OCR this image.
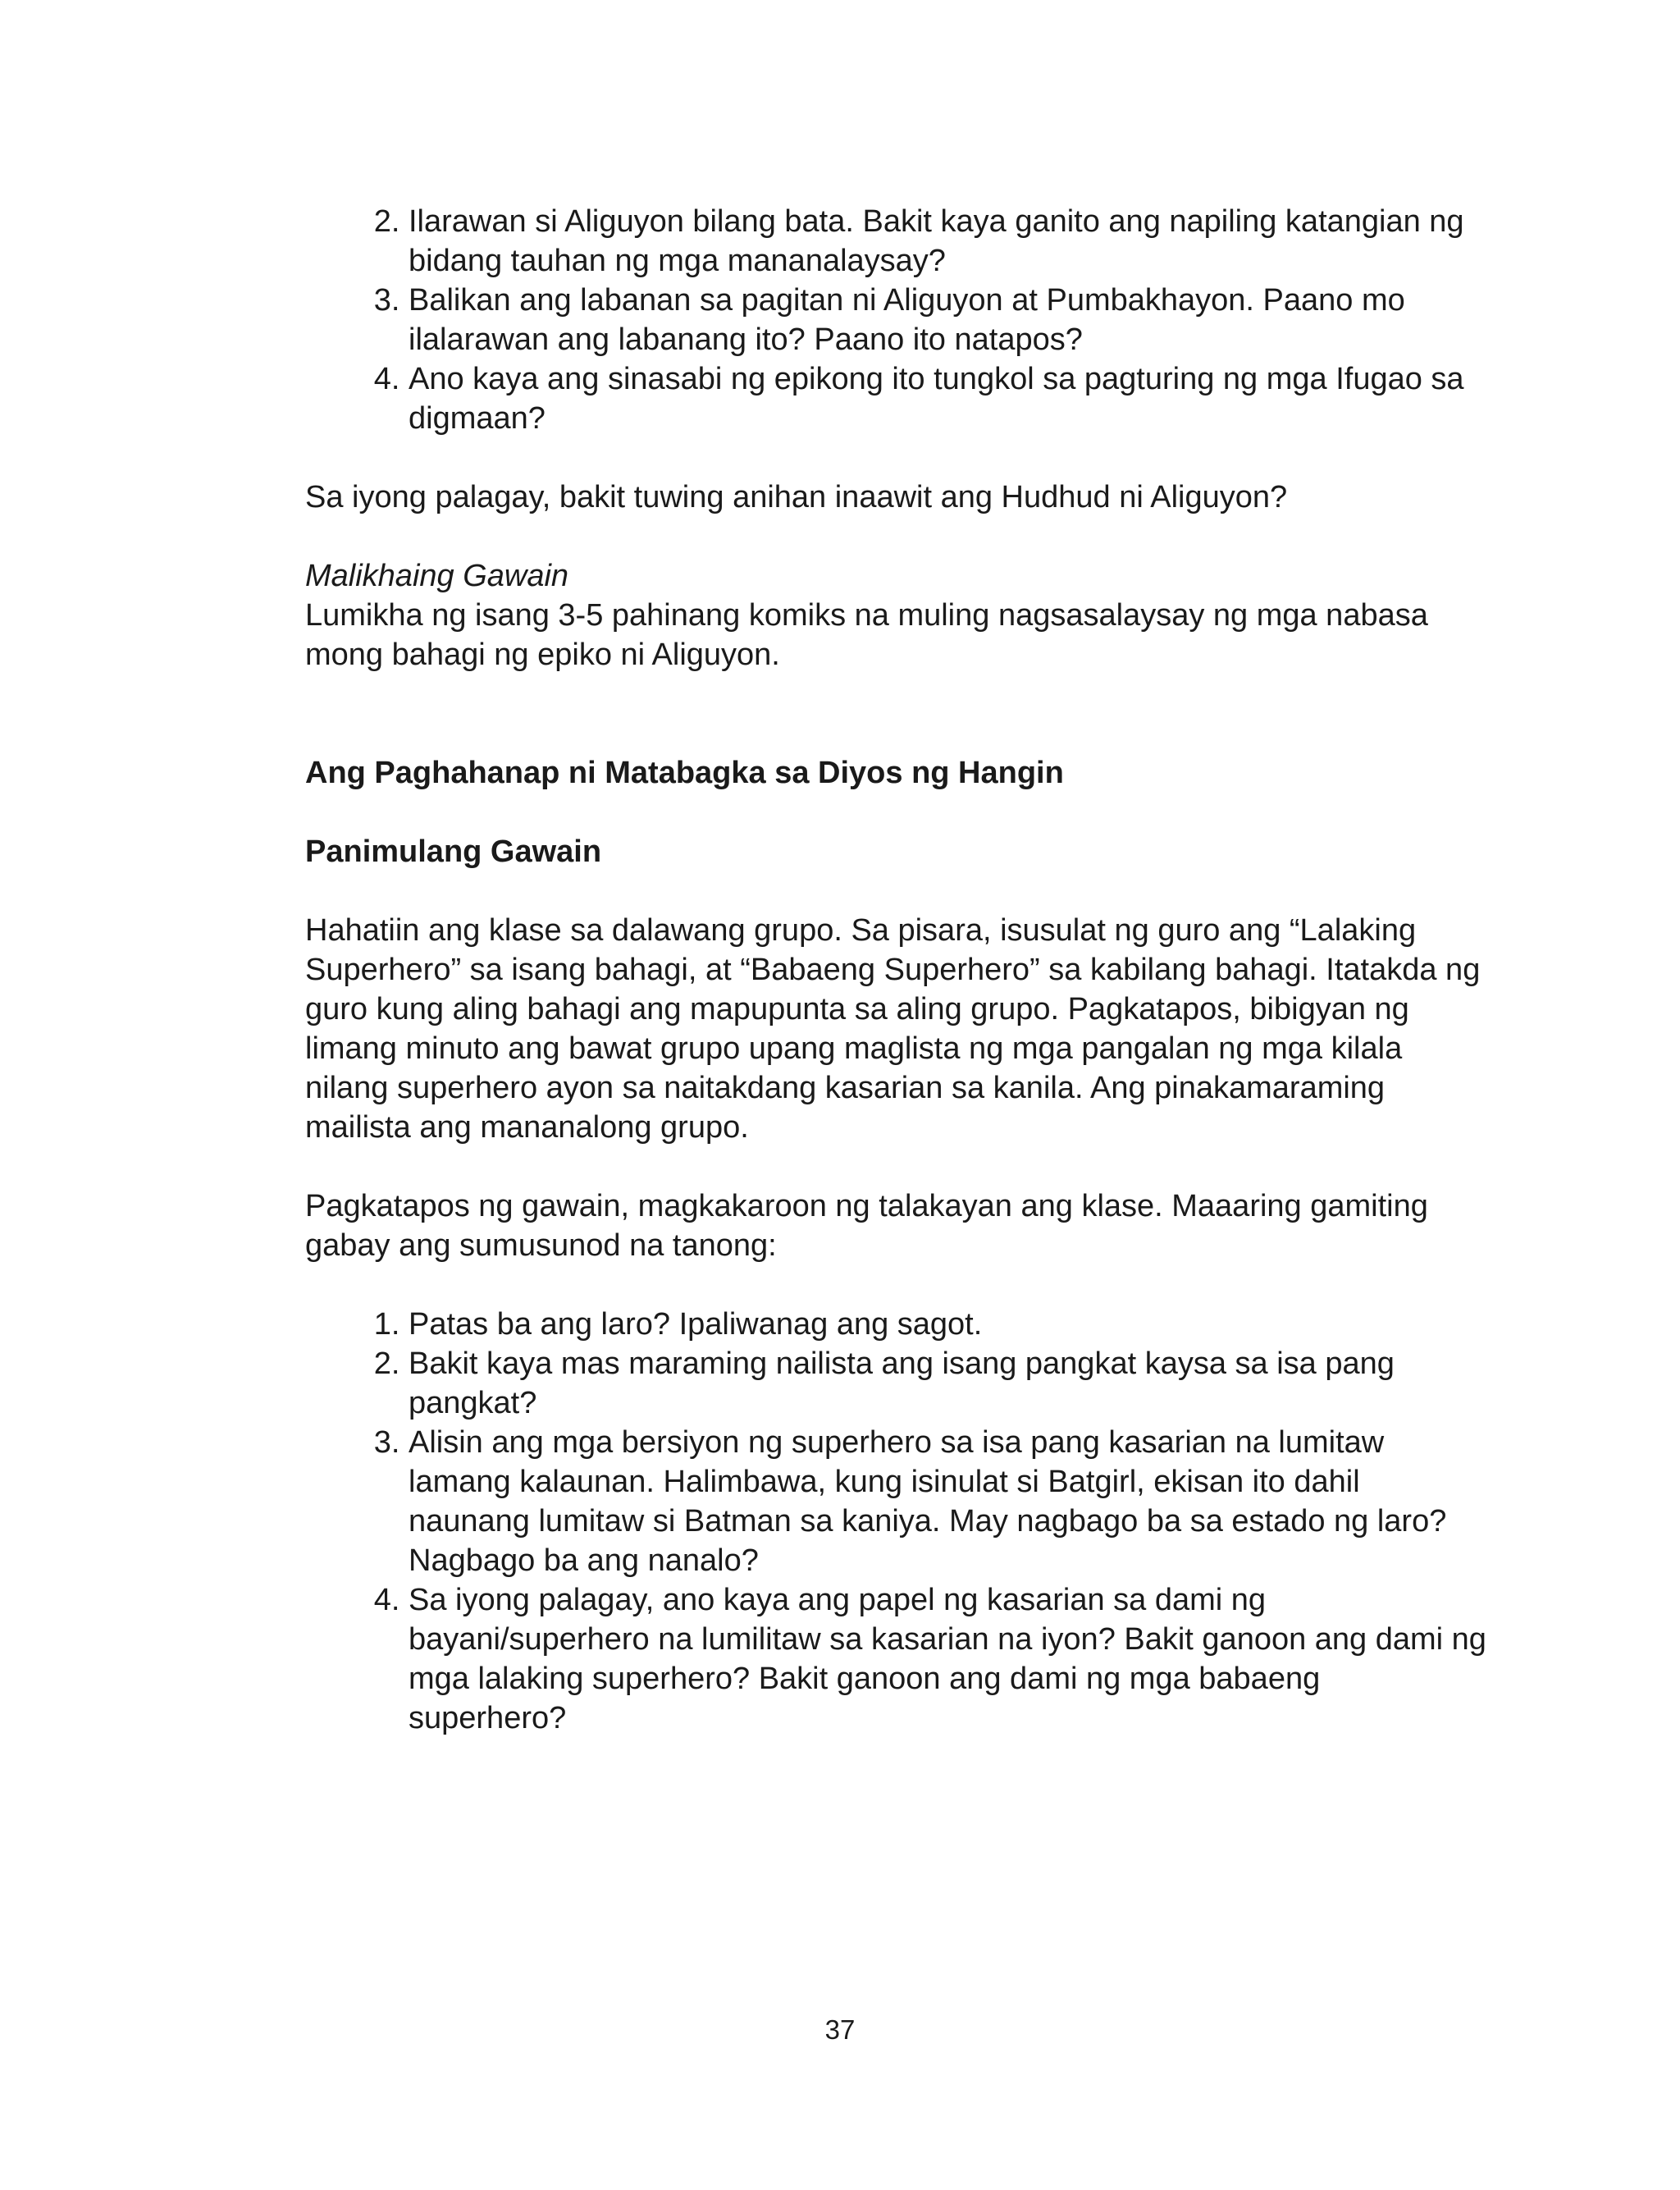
2. Ilarawan si Aliguyon bilang bata. Bakit kaya ganito ang napiling katangian ng bidang tauhan ng mga mananalaysay?
3. Balikan ang labanan sa pagitan ni Aliguyon at Pumbakhayon. Paano mo ilalarawan ang labanang ito? Paano ito natapos?
4. Ano kaya ang sinasabi ng epikong ito tungkol sa pagturing ng mga Ifugao sa digmaan?

Sa iyong palagay, bakit tuwing anihan inaawit ang Hudhud ni Aliguyon?

Malikhaing Gawain

Lumikha ng isang 3-5 pahinang komiks na muling nagsasalaysay ng mga nabasa mong bahagi ng epiko ni Aliguyon.

Ang Paghahanap ni Matabagka sa Diyos ng Hangin

Panimulang Gawain

Hahatiin ang klase sa dalawang grupo. Sa pisara, isusulat ng guro ang “Lalaking Superhero” sa isang bahagi, at “Babaeng Superhero” sa kabilang bahagi. Itatakda ng guro kung aling bahagi ang mapupunta sa aling grupo. Pagkatapos, bibigyan ng limang minuto ang bawat grupo upang maglista ng mga pangalan ng mga kilala nilang superhero ayon sa naitakdang kasarian sa kanila. Ang pinakamaraming mailista ang mananalong grupo.

Pagkatapos ng gawain, magkakaroon ng talakayan ang klase. Maaaring gamiting gabay ang sumusunod na tanong:

1. Patas ba ang laro? Ipaliwanag ang sagot.
2. Bakit kaya mas maraming nailista ang isang pangkat kaysa sa isa pang pangkat?
3. Alisin ang mga bersiyon ng superhero sa isa pang kasarian na lumitaw lamang kalaunan. Halimbawa, kung isinulat si Batgirl, ekisan ito dahil naunang lumitaw si Batman sa kaniya. May nagbago ba sa estado ng laro? Nagbago ba ang nanalo?
4. Sa iyong palagay, ano kaya ang papel ng kasarian sa dami ng bayani/superhero na lumilitaw sa kasarian na iyon? Bakit ganoon ang dami ng mga lalaking superhero? Bakit ganoon ang dami ng mga babaeng superhero?
37
